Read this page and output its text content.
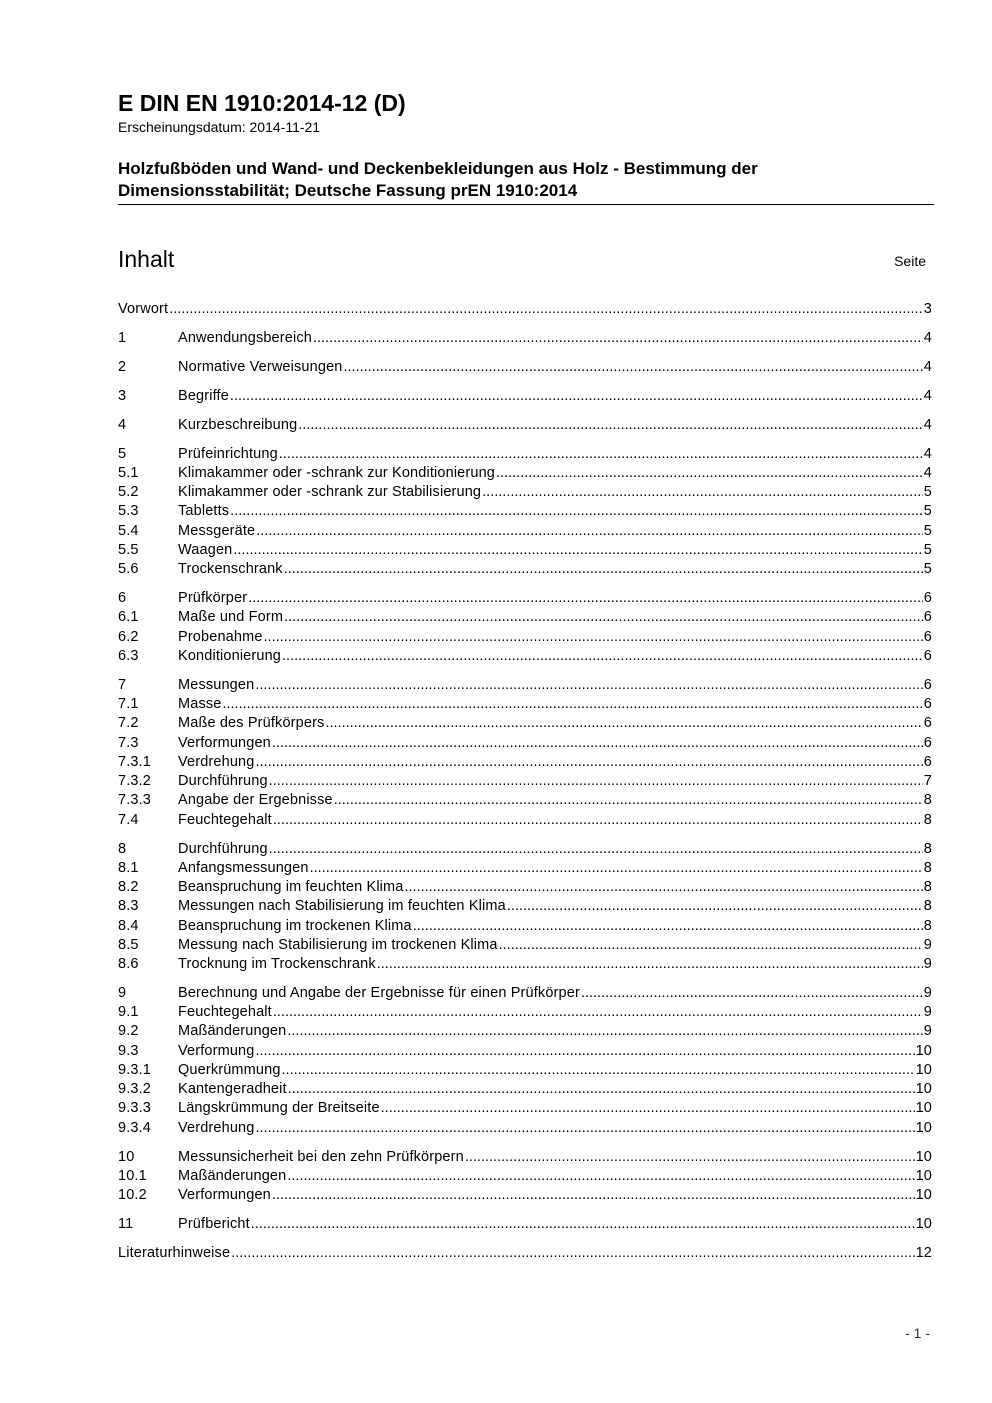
E DIN EN 1910:2014-12 (D)

Erscheinungsdatum: 2014-11-21

Holzfußböden und Wand- und Deckenbekleidungen aus Holz - Bestimmung der Dimensionsstabilität; Deutsche Fassung prEN 1910:2014
Inhalt	Seite
Vorwort .....	3
1	Anwendungsbereich .....	4
2	Normative Verweisungen .....	4
3	Begriffe .....	4
4	Kurzbeschreibung .....	4
5	Prüfeinrichtung .....	4
5.1	Klimakammer oder -schrank zur Konditionierung .....	4
5.2	Klimakammer oder -schrank zur Stabilisierung .....	5
5.3	Tabletts .....	5
5.4	Messgeräte .....	5
5.5	Waagen .....	5
5.6	Trockenschrank .....	5
6	Prüfkörper .....	6
6.1	Maße und Form .....	6
6.2	Probenahme .....	6
6.3	Konditionierung .....	6
7	Messungen .....	6
7.1	Masse .....	6
7.2	Maße des Prüfkörpers .....	6
7.3	Verformungen .....	6
7.3.1	Verdrehung .....	6
7.3.2	Durchführung .....	7
7.3.3	Angabe der Ergebnisse .....	8
7.4	Feuchtegehalt .....	8
8	Durchführung .....	8
8.1	Anfangsmessungen .....	8
8.2	Beanspruchung im feuchten Klima .....	8
8.3	Messungen nach Stabilisierung im feuchten Klima .....	8
8.4	Beanspruchung im trockenen Klima .....	8
8.5	Messung nach Stabilisierung im trockenen Klima .....	9
8.6	Trocknung im Trockenschrank .....	9
9	Berechnung und Angabe der Ergebnisse für einen Prüfkörper .....	9
9.1	Feuchtegehalt .....	9
9.2	Maßänderungen .....	9
9.3	Verformung .....	10
9.3.1	Querkrümmung .....	10
9.3.2	Kantengeradheit .....	10
9.3.3	Längskrümmung der Breitseite .....	10
9.3.4	Verdrehung .....	10
10	Messunsicherheit bei den zehn Prüfkörpern .....	10
10.1	Maßänderungen .....	10
10.2	Verformungen .....	10
11	Prüfbericht .....	10
Literaturhinweise .....	12
- 1 -
